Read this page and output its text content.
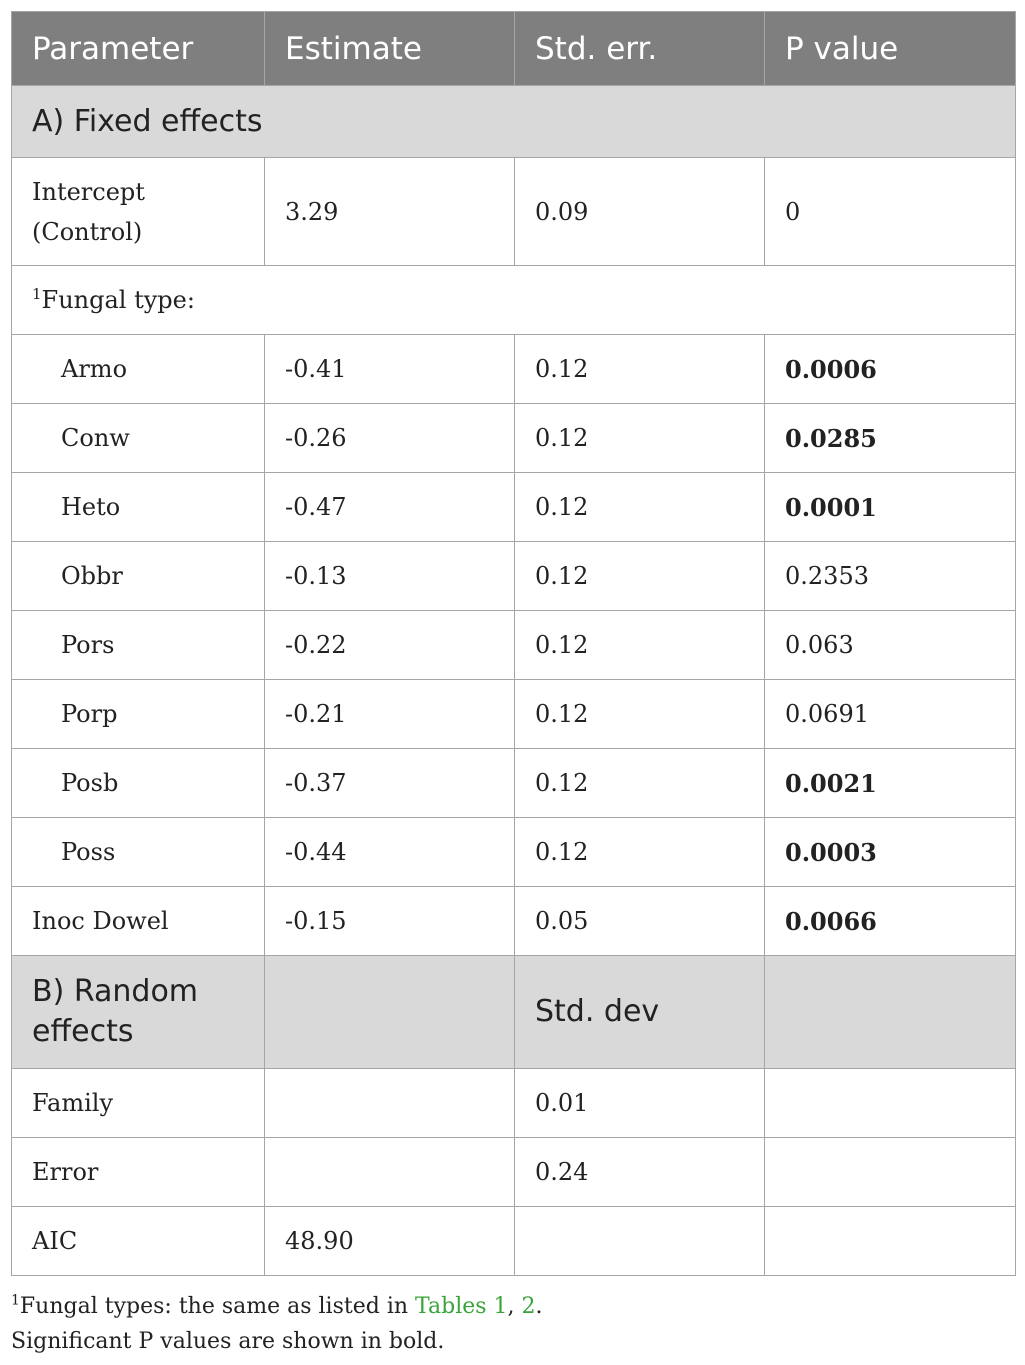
Parameter	Estimate	Std. err.	P value
A) Fixed effects			
Intercept (Control)	3.29	0.09	0
$^1$Fungal type:			
Armo	-0.41	0.12	0.0006
Conw	-0.26	0.12	0.0285
Heto	-0.47	0.12	0.0001
Obbr	-0.13	0.12	0.2353
Pors	-0.22	0.12	0.063
Porp	-0.21	0.12	0.0691
Posb	-0.37	0.12	0.0021
Poss	-0.44	0.12	0.0003
Inoc Dowel	-0.15	0.05	0.0066
B) Random effects		Std. dev	
Family		0.01	
Error		0.24	
AIC	48.90		
$^1$Fungal types: the same as listed in Tables 1, 2.
Significant P values are shown in bold.
